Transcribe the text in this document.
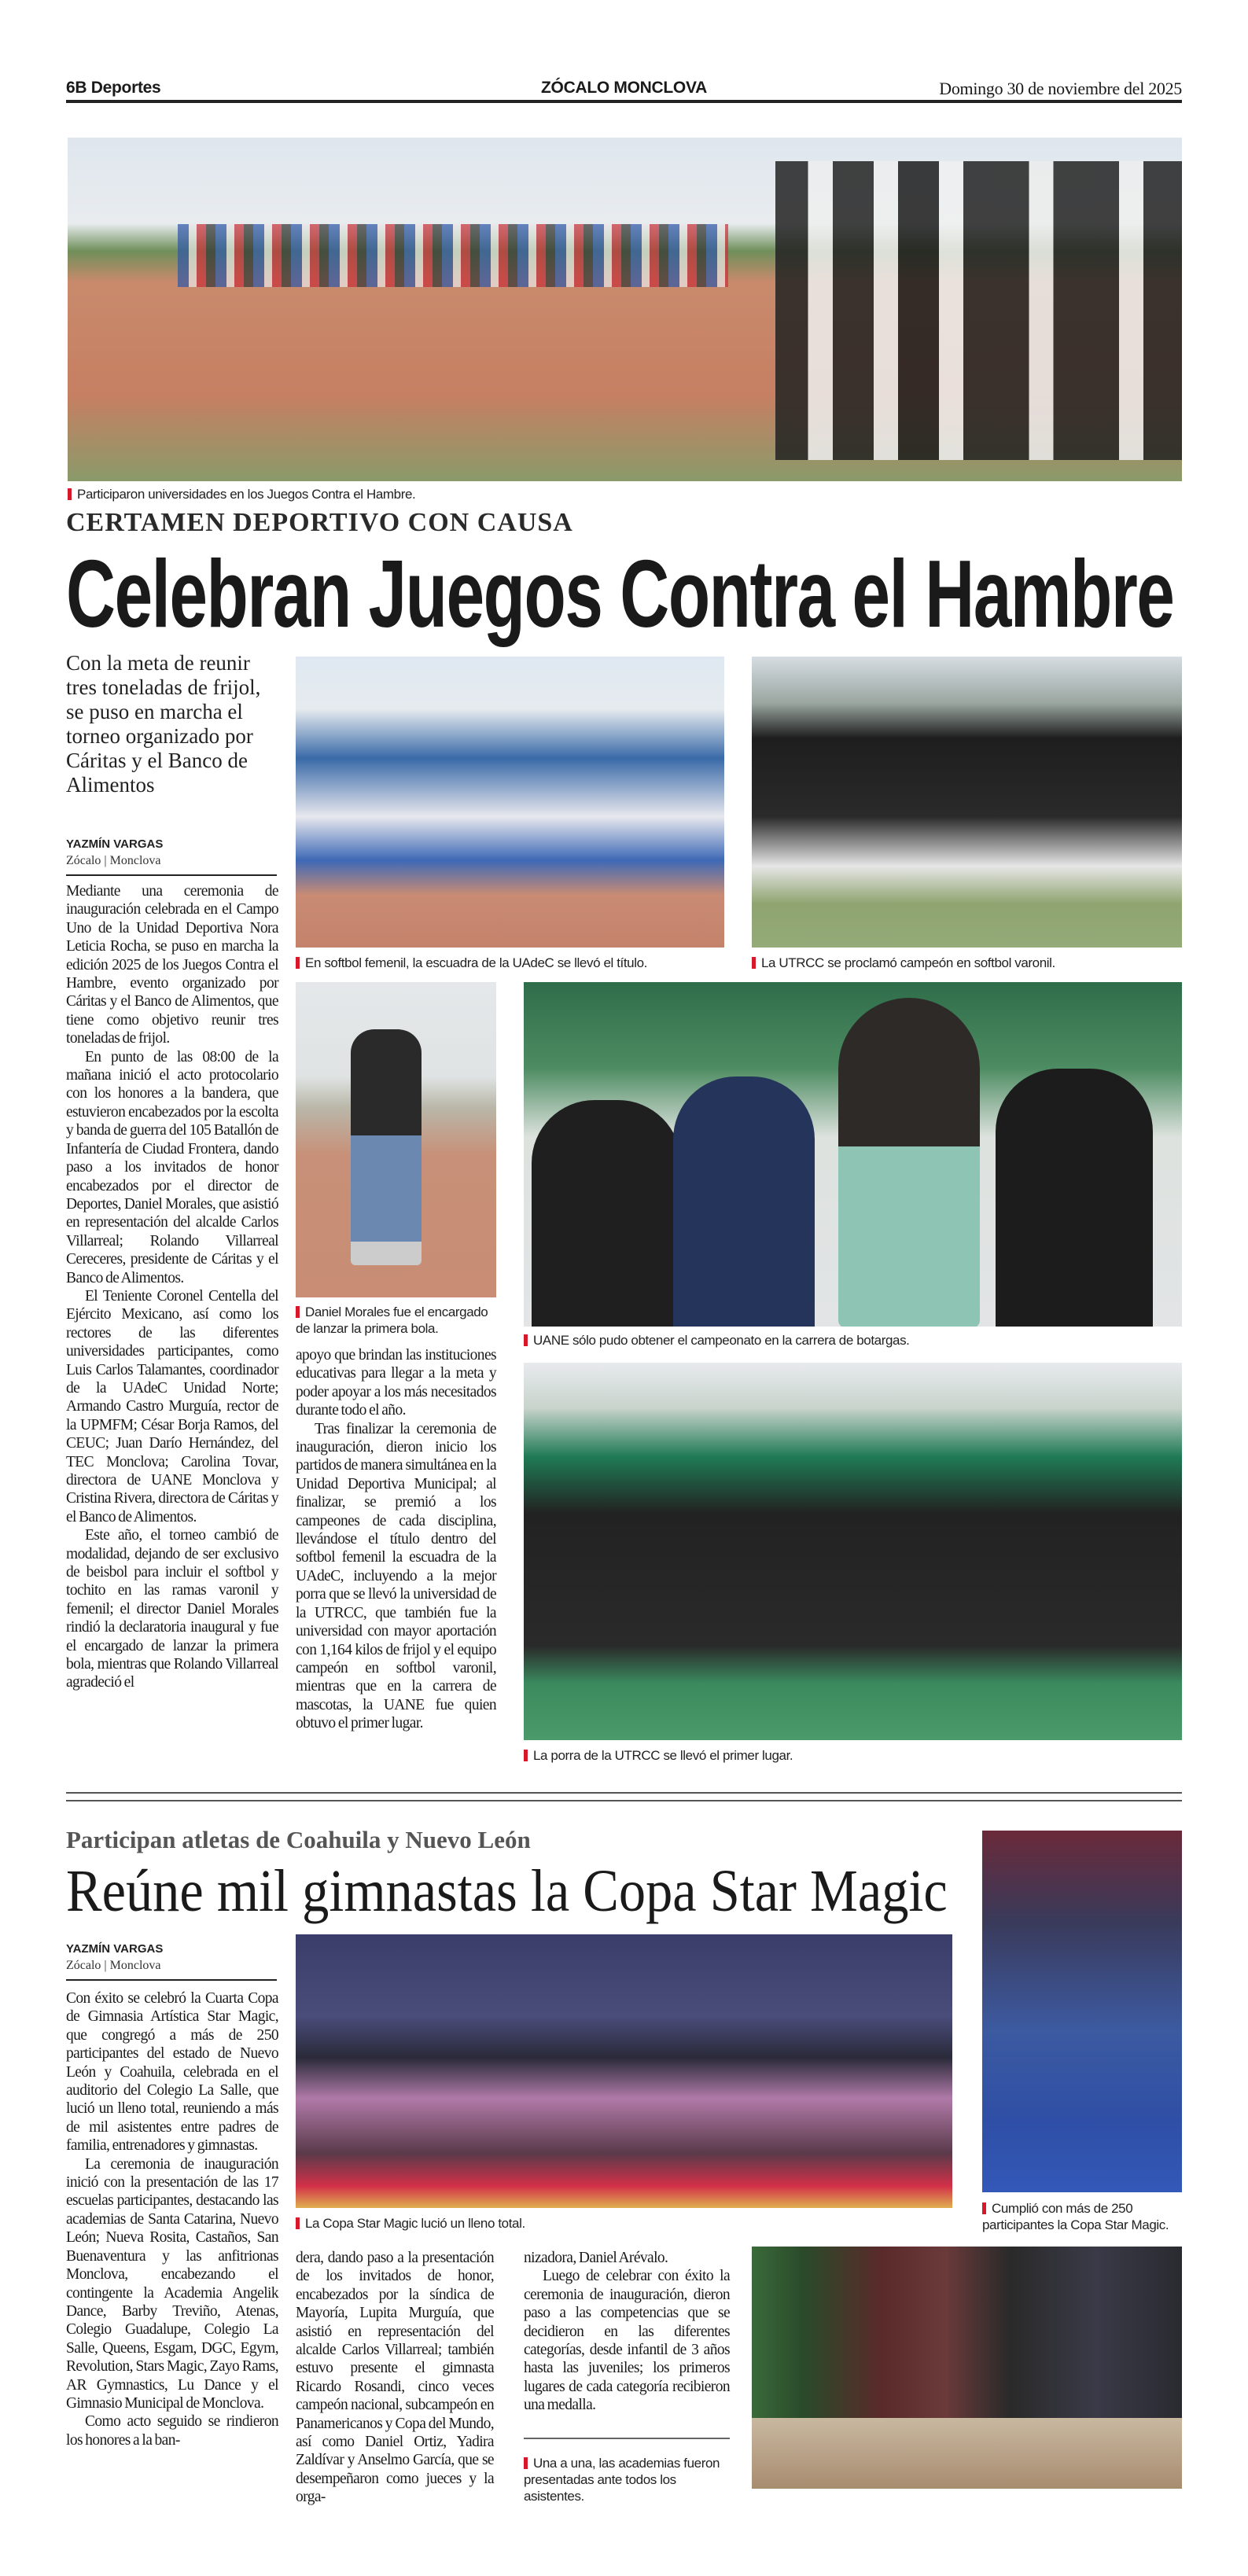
6B Deportes	ZÓCALO MONCLOVA	Domingo 30 de noviembre del 2025
Participaron universidades en los Juegos Contra el Hambre.
CERTAMEN DEPORTIVO CON CAUSA
Celebran Juegos Contra el Hambre
Con la meta de reunir tres toneladas de frijol, se puso en marcha el torneo organizado por Cáritas y el Banco de Alimentos
YAZMÍN VARGAS
Zócalo | Monclova

Mediante una ceremonia de inauguración celebrada en el Campo Uno de la Unidad Deportiva Nora Leticia Rocha, se puso en marcha la edición 2025 de los Juegos Contra el Hambre, evento organizado por Cáritas y el Banco de Alimentos, que tiene como objetivo reunir tres toneladas de frijol.

En punto de las 08:00 de la mañana inició el acto protocolario con los honores a la bandera, que estuvieron encabezados por la escolta y banda de guerra del 105 Batallón de Infantería de Ciudad Frontera, dando paso a los invitados de honor encabezados por el director de Deportes, Daniel Morales, que asistió en representación del alcalde Carlos Villarreal; Rolando Villarreal Cereceres, presidente de Cáritas y el Banco de Alimentos.

El Teniente Coronel Centella del Ejército Mexicano, así como los rectores de las diferentes universidades participantes, como Luis Carlos Talamantes, coordinador de la UAdeC Unidad Norte; Armando Castro Murguía, rector de la UPMFM; César Borja Ramos, del CEUC; Juan Darío Hernández, del TEC Monclova; Carolina Tovar, directora de UANE Monclova y Cristina Rivera, directora de Cáritas y el Banco de Alimentos.

Este año, el torneo cambió de modalidad, dejando de ser exclusivo de beisbol para incluir el softbol y tochito en las ramas varonil y femenil; el director Daniel Morales rindió la declaratoria inaugural y fue el encargado de lanzar la primera bola, mientras que Rolando Villarreal agradeció el

En softbol femenil, la escuadra de la UAdeC se llevó el título.	La UTRCC se proclamó campeón en softbol varonil.
Daniel Morales fue el encargado de lanzar la primera bola.
UANE sólo pudo obtener el campeonato en la carrera de botargas.

apoyo que brindan las instituciones educativas para llegar a la meta y poder apoyar a los más necesitados durante todo el año.

Tras finalizar la ceremonia de inauguración, dieron inicio los partidos de manera simultánea en la Unidad Deportiva Municipal; al finalizar, se premió a los campeones de cada disciplina, llevándose el título dentro del softbol femenil la escuadra de la UAdeC, incluyendo a la mejor porra que se llevó la universidad de la UTRCC, que también fue la universidad con mayor aportación con 1,164 kilos de frijol y el equipo campeón en softbol varonil, mientras que en la carrera de mascotas, la UANE fue quien obtuvo el primer lugar.

La porra de la UTRCC se llevó el primer lugar.
Participan atletas de Coahuila y Nuevo León
Reúne mil gimnastas la Copa Star Magic
YAZMÍN VARGAS
Zócalo | Monclova

Con éxito se celebró la Cuarta Copa de Gimnasia Artística Star Magic, que congregó a más de 250 participantes del estado de Nuevo León y Coahuila, celebrada en el auditorio del Colegio La Salle, que lució un lleno total, reuniendo a más de mil asistentes entre padres de familia, entrenadores y gimnastas.

La ceremonia de inauguración inició con la presentación de las 17 escuelas participantes, destacando las academias de Santa Catarina, Nuevo León; Nueva Rosita, Castaños, San Buenaventura y las anfitrionas Monclova, encabezando el contingente la Academia Angelik Dance, Barby Treviño, Atenas, Colegio Guadalupe, Colegio La Salle, Queens, Esgam, DGC, Egym, Revolution, Stars Magic, Zayo Rams, AR Gymnastics, Lu Dance y el Gimnasio Municipal de Monclova.

Como acto seguido se rindieron los honores a la ban-

La Copa Star Magic lució un lleno total.
Cumplió con más de 250 participantes la Copa Star Magic.

dera, dando paso a la presentación de los invitados de honor, encabezados por la síndica de Mayoría, Lupita Murguía, que asistió en representación del alcalde Carlos Villarreal; también estuvo presente el gimnasta Ricardo Rosandi, cinco veces campeón nacional, subcampeón en Panamericanos y Copa del Mundo, así como Daniel Ortiz, Yadira Zaldívar y Anselmo García, que se desempeñaron como jueces y la orga-

nizadora, Daniel Arévalo.

Luego de celebrar con éxito la ceremonia de inauguración, dieron paso a las competencias que se decidieron en las diferentes categorías, desde infantil de 3 años hasta las juveniles; los primeros lugares de cada categoría recibieron una medalla.

Una a una, las academias fueron presentadas ante todos los asistentes.
